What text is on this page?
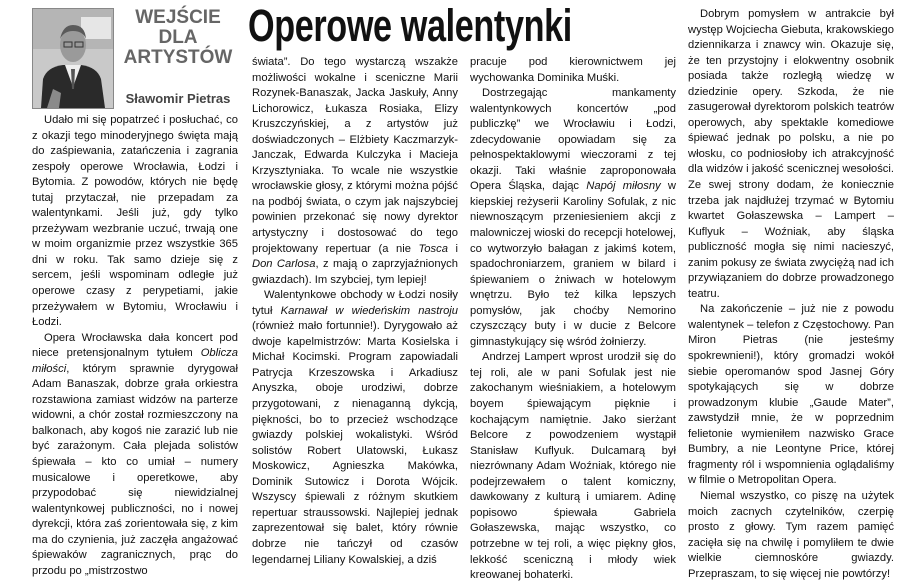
WEJŚCIE
DLA
ARTYSTÓW
Sławomir Pietras
Operowe walentynki

Udało mi się popatrzeć i posłuchać, co z okazji tego minoderyjnego święta mają do zaśpiewania, zatańczenia i zagrania zespoły operowe Wrocławia, Łodzi i Bytomia. Z powodów, których nie będę tutaj przytaczał, nie przepadam za walentynkami. Jeśli już, gdy tylko przeżywam wezbranie uczuć, trwają one w moim organizmie przez wszystkie 365 dni w roku. Tak samo dzieje się z sercem, jeśli wspominam odległe już operowe czasy z perypetiami, jakie przeżywałem w Bytomiu, Wrocławiu i Łodzi.

Opera Wrocławska dała koncert pod niece pretensjonalnym tytułem Oblicza miłości, którym sprawnie dyrygował Adam Banaszak, dobrze grała orkiestra rozstawiona zamiast widzów na parterze widowni, a chór został rozmieszczony na balkonach, aby kogoś nie zarazić lub nie być zarażonym. Cała plejada solistów śpiewała – kto co umiał – numery musicalowe i operetkowe, aby przypodobać się niewidzialnej walentynkowej publiczności, no i nowej dyrekcji, która zaś zorientowała się, z kim ma do czynienia, już zaczęła angażować śpiewaków zagranicznych, prąc do przodu po „mistrzostwo

świata”. Do tego wystarczą wszakże możliwości wokalne i sceniczne Marii Rozynek-Banaszak, Jacka Jaskuły, Anny Lichorowicz, Łukasza Rosiaka, Elizy Kruszczyńskiej, a z artystów już doświadczonych – Elżbiety Kaczmarzyk-Janczak, Edwarda Kulczyka i Macieja Krzysztyniaka. To wcale nie wszystkie wrocławskie głosy, z którymi można pójść na podbój świata, o czym jak najszybciej powinien przekonać się nowy dyrektor artystyczny i dostosować do tego projektowany repertuar (a nie Tosca i Don Carlosa, z mają o zaprzyjaźnionych gwiazdach). Im szybciej, tym lepiej!

Walentynkowe obchody w Łodzi nosiły tytuł Karnawał w wiedeńskim nastroju (również mało fortunnie!). Dyrygowało aż dwoje kapelmistrzów: Marta Kosielska i Michał Kocimski. Program zapowiadali Patrycja Krzeszowska i Arkadiusz Anyszka, oboje urodziwi, dobrze przygotowani, z nienaganną dykcją, piękności, bo to przecież wschodzące gwiazdy polskiej wokalistyki. Wśród solistów Robert Ulatowski, Łukasz Moskowicz, Agnieszka Makówka, Dominik Sutowicz i Dorota Wójcik. Wszyscy śpiewali z różnym skutkiem repertuar straussowski. Najlepiej jednak zaprezentował się balet, który równie dobrze nie tańczył od czasów legendarnej Liliany Kowalskiej, a dziś

pracuje pod kierownictwem jej wychowanka Dominika Muśki.

Dostrzegając mankamenty walentynkowych koncertów „pod publiczkę” we Wrocławiu i Łodzi, zdecydowanie opowiadam się za pełnospektaklowymi wieczorami z tej okazji. Taki właśnie zaproponowała Opera Śląska, dając Napój miłosny w kiepskiej reżyserii Karoliny Sofulak, z nic niewnoszącym przeniesieniem akcji z malowniczej wioski do recepcji hotelowej, co wytworzyło bałagan z jakimś kotem, spadochroniarzem, graniem w bilard i śpiewaniem o żniwach w hotelowym wnętrzu. Było też kilka lepszych pomysłów, jak choćby Nemorino czyszczący buty i w ducie z Belcore gimnastykujący się wśród żołnierzy.

Andrzej Lampert wprost urodził się do tej roli, ale w pani Sofulak jest nie zakochanym wieśniakiem, a hotelowym boyem śpiewającym pięknie i kochającym namiętnie. Jako sierżant Belcore z powodzeniem wystąpił Stanisław Kuflyuk. Dulcamarą był niezrównany Adam Woźniak, którego nie podejrzewałem o talent komiczny, dawkowany z kulturą i umiarem. Adinę popisowo śpiewała Gabriela Gołaszewska, mając wszystko, co potrzebne w tej roli, a więc piękny głos, lekkość sceniczną i młody wiek kreowanej bohaterki.

Dobrym pomysłem w antrakcie był występ Wojciecha Giebuta, krakowskiego dziennikarza i znawcy win. Okazuje się, że ten przystojny i elokwentny osobnik posiada także rozległą wiedzę w dziedzinie opery. Szkoda, że nie zasugerował dyrektorom polskich teatrów operowych, aby spektakle komediowe śpiewać jednak po polsku, a nie po włosku, co podniosłoby ich atrakcyjność dla widzów i jakość scenicznej wesołości. Ze swej strony dodam, że koniecznie trzeba jak najdłużej trzymać w Bytomiu kwartet Gołaszewska – Lampert – Kuflyuk – Woźniak, aby śląska publiczność mogła się nimi nacieszyć, zanim pokusy ze świata zwyciężą nad ich przywiązaniem do dobrze prowadzonego teatru.

Na zakończenie – już nie z powodu walentynek – telefon z Częstochowy. Pan Miron Pietras (nie jesteśmy spokrewnieni!), który gromadzi wokół siebie operomanów spod Jasnej Góry spotykających się w dobrze prowadzonym klubie „Gaude Mater”, zawstydził mnie, że w poprzednim felietonie wymieniłem nazwisko Grace Bumbry, a nie Leontyne Price, której fragmenty ról i wspomnienia oglądaliśmy w filmie o Metropolitan Opera.

Niemal wszystko, co piszę na użytek moich zacnych czytelników, czerpię prosto z głowy. Tym razem pamięć zacięła się na chwilę i pomyliłem te dwie wielkie ciemnoskóre gwiazdy. Przepraszam, to się więcej nie powtórzy!
